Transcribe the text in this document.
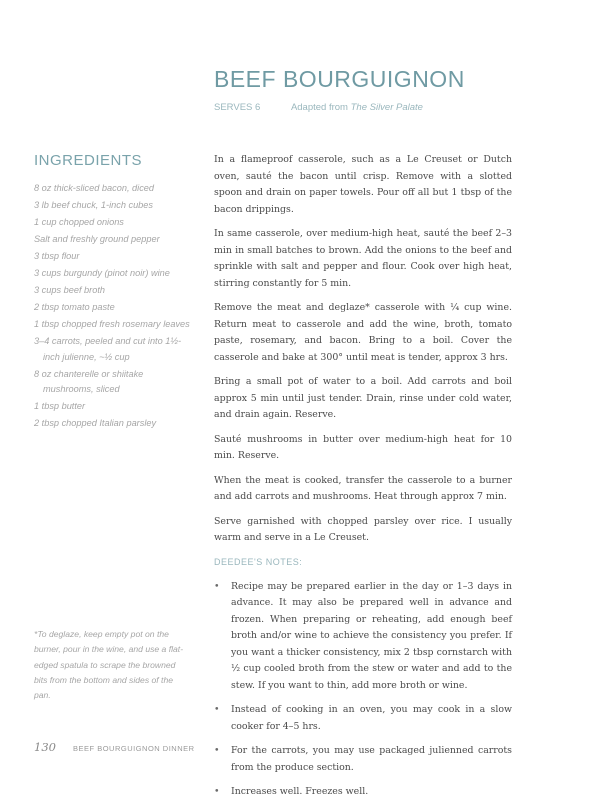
BEEF BOURGUIGNON
SERVES 6	Adapted from The Silver Palate
INGREDIENTS
8 oz thick-sliced bacon, diced
3 lb beef chuck, 1-inch cubes
1 cup chopped onions
Salt and freshly ground pepper
3 tbsp flour
3 cups burgundy (pinot noir) wine
3 cups beef broth
2 tbsp tomato paste
1 tbsp chopped fresh rosemary leaves
3–4 carrots, peeled and cut into 1½-inch julienne, ~½ cup
8 oz chanterelle or shiitake mushrooms, sliced
1 tbsp butter
2 tbsp chopped Italian parsley

In a flameproof casserole, such as a Le Creuset or Dutch oven, sauté the bacon until crisp. Remove with a slotted spoon and drain on paper towels. Pour off all but 1 tbsp of the bacon drippings.

In same casserole, over medium-high heat, sauté the beef 2–3 min in small batches to brown. Add the onions to the beef and sprinkle with salt and pepper and flour. Cook over high heat, stirring constantly for 5 min.

Remove the meat and deglaze* casserole with ¼ cup wine. Return meat to casserole and add the wine, broth, tomato paste, rosemary, and bacon. Bring to a boil. Cover the casserole and bake at 300° until meat is tender, approx 3 hrs.

Bring a small pot of water to a boil. Add carrots and boil approx 5 min until just tender. Drain, rinse under cold water, and drain again. Reserve.

Sauté mushrooms in butter over medium-high heat for 10 min. Reserve.

When the meat is cooked, transfer the casserole to a burner and add carrots and mushrooms. Heat through approx 7 min.

Serve garnished with chopped parsley over rice. I usually warm and serve in a Le Creuset.

DEEDEE'S NOTES:
• Recipe may be prepared earlier in the day or 1–3 days in advance. It may also be prepared well in advance and frozen. When preparing or reheating, add enough beef broth and/or wine to achieve the consistency you prefer. If you want a thicker consistency, mix 2 tbsp cornstarch with ½ cup cooled broth from the stew or water and add to the stew. If you want to thin, add more broth or wine.
• Instead of cooking in an oven, you may cook in a slow cooker for 4–5 hrs.
• For the carrots, you may use packaged julienned carrots from the produce section.
• Increases well. Freezes well.
*To deglaze, keep empty pot on the burner, pour in the wine, and use a flat-edged spatula to scrape the browned bits from the bottom and sides of the pan.
130 BEEF BOURGUIGNON DINNER
